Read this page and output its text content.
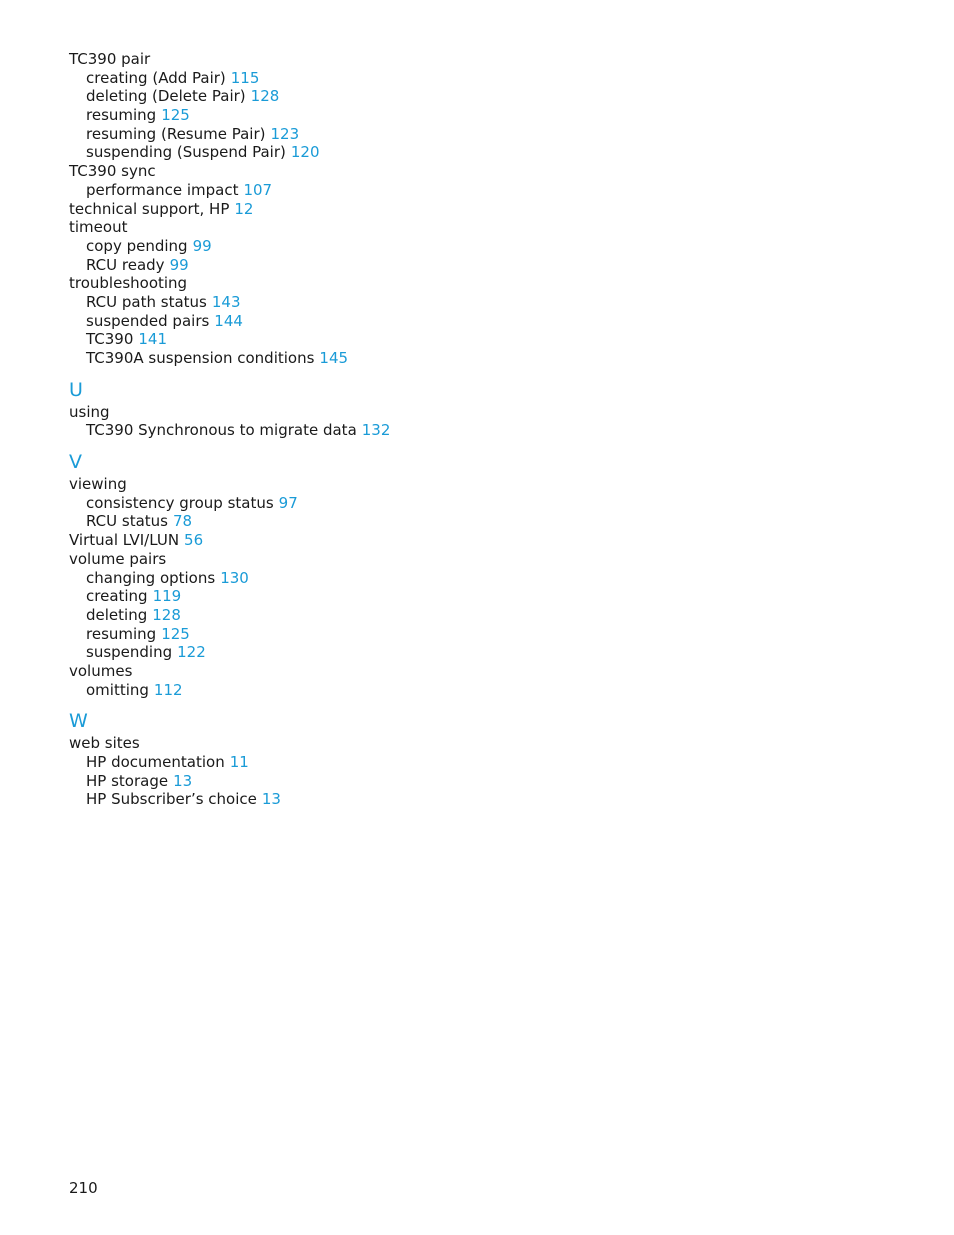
TC390 pair
creating (Add Pair) 115
deleting (Delete Pair) 128
resuming 125
resuming (Resume Pair) 123
suspending (Suspend Pair) 120
TC390 sync
performance impact 107
technical support, HP 12
timeout
copy pending 99
RCU ready 99
troubleshooting
RCU path status 143
suspended pairs 144
TC390 141
TC390A suspension conditions 145
U
using
TC390 Synchronous to migrate data 132
V
viewing
consistency group status 97
RCU status 78
Virtual LVI/LUN 56
volume pairs
changing options 130
creating 119
deleting 128
resuming 125
suspending 122
volumes
omitting 112
W
web sites
HP documentation 11
HP storage 13
HP Subscriber’s choice 13
210
